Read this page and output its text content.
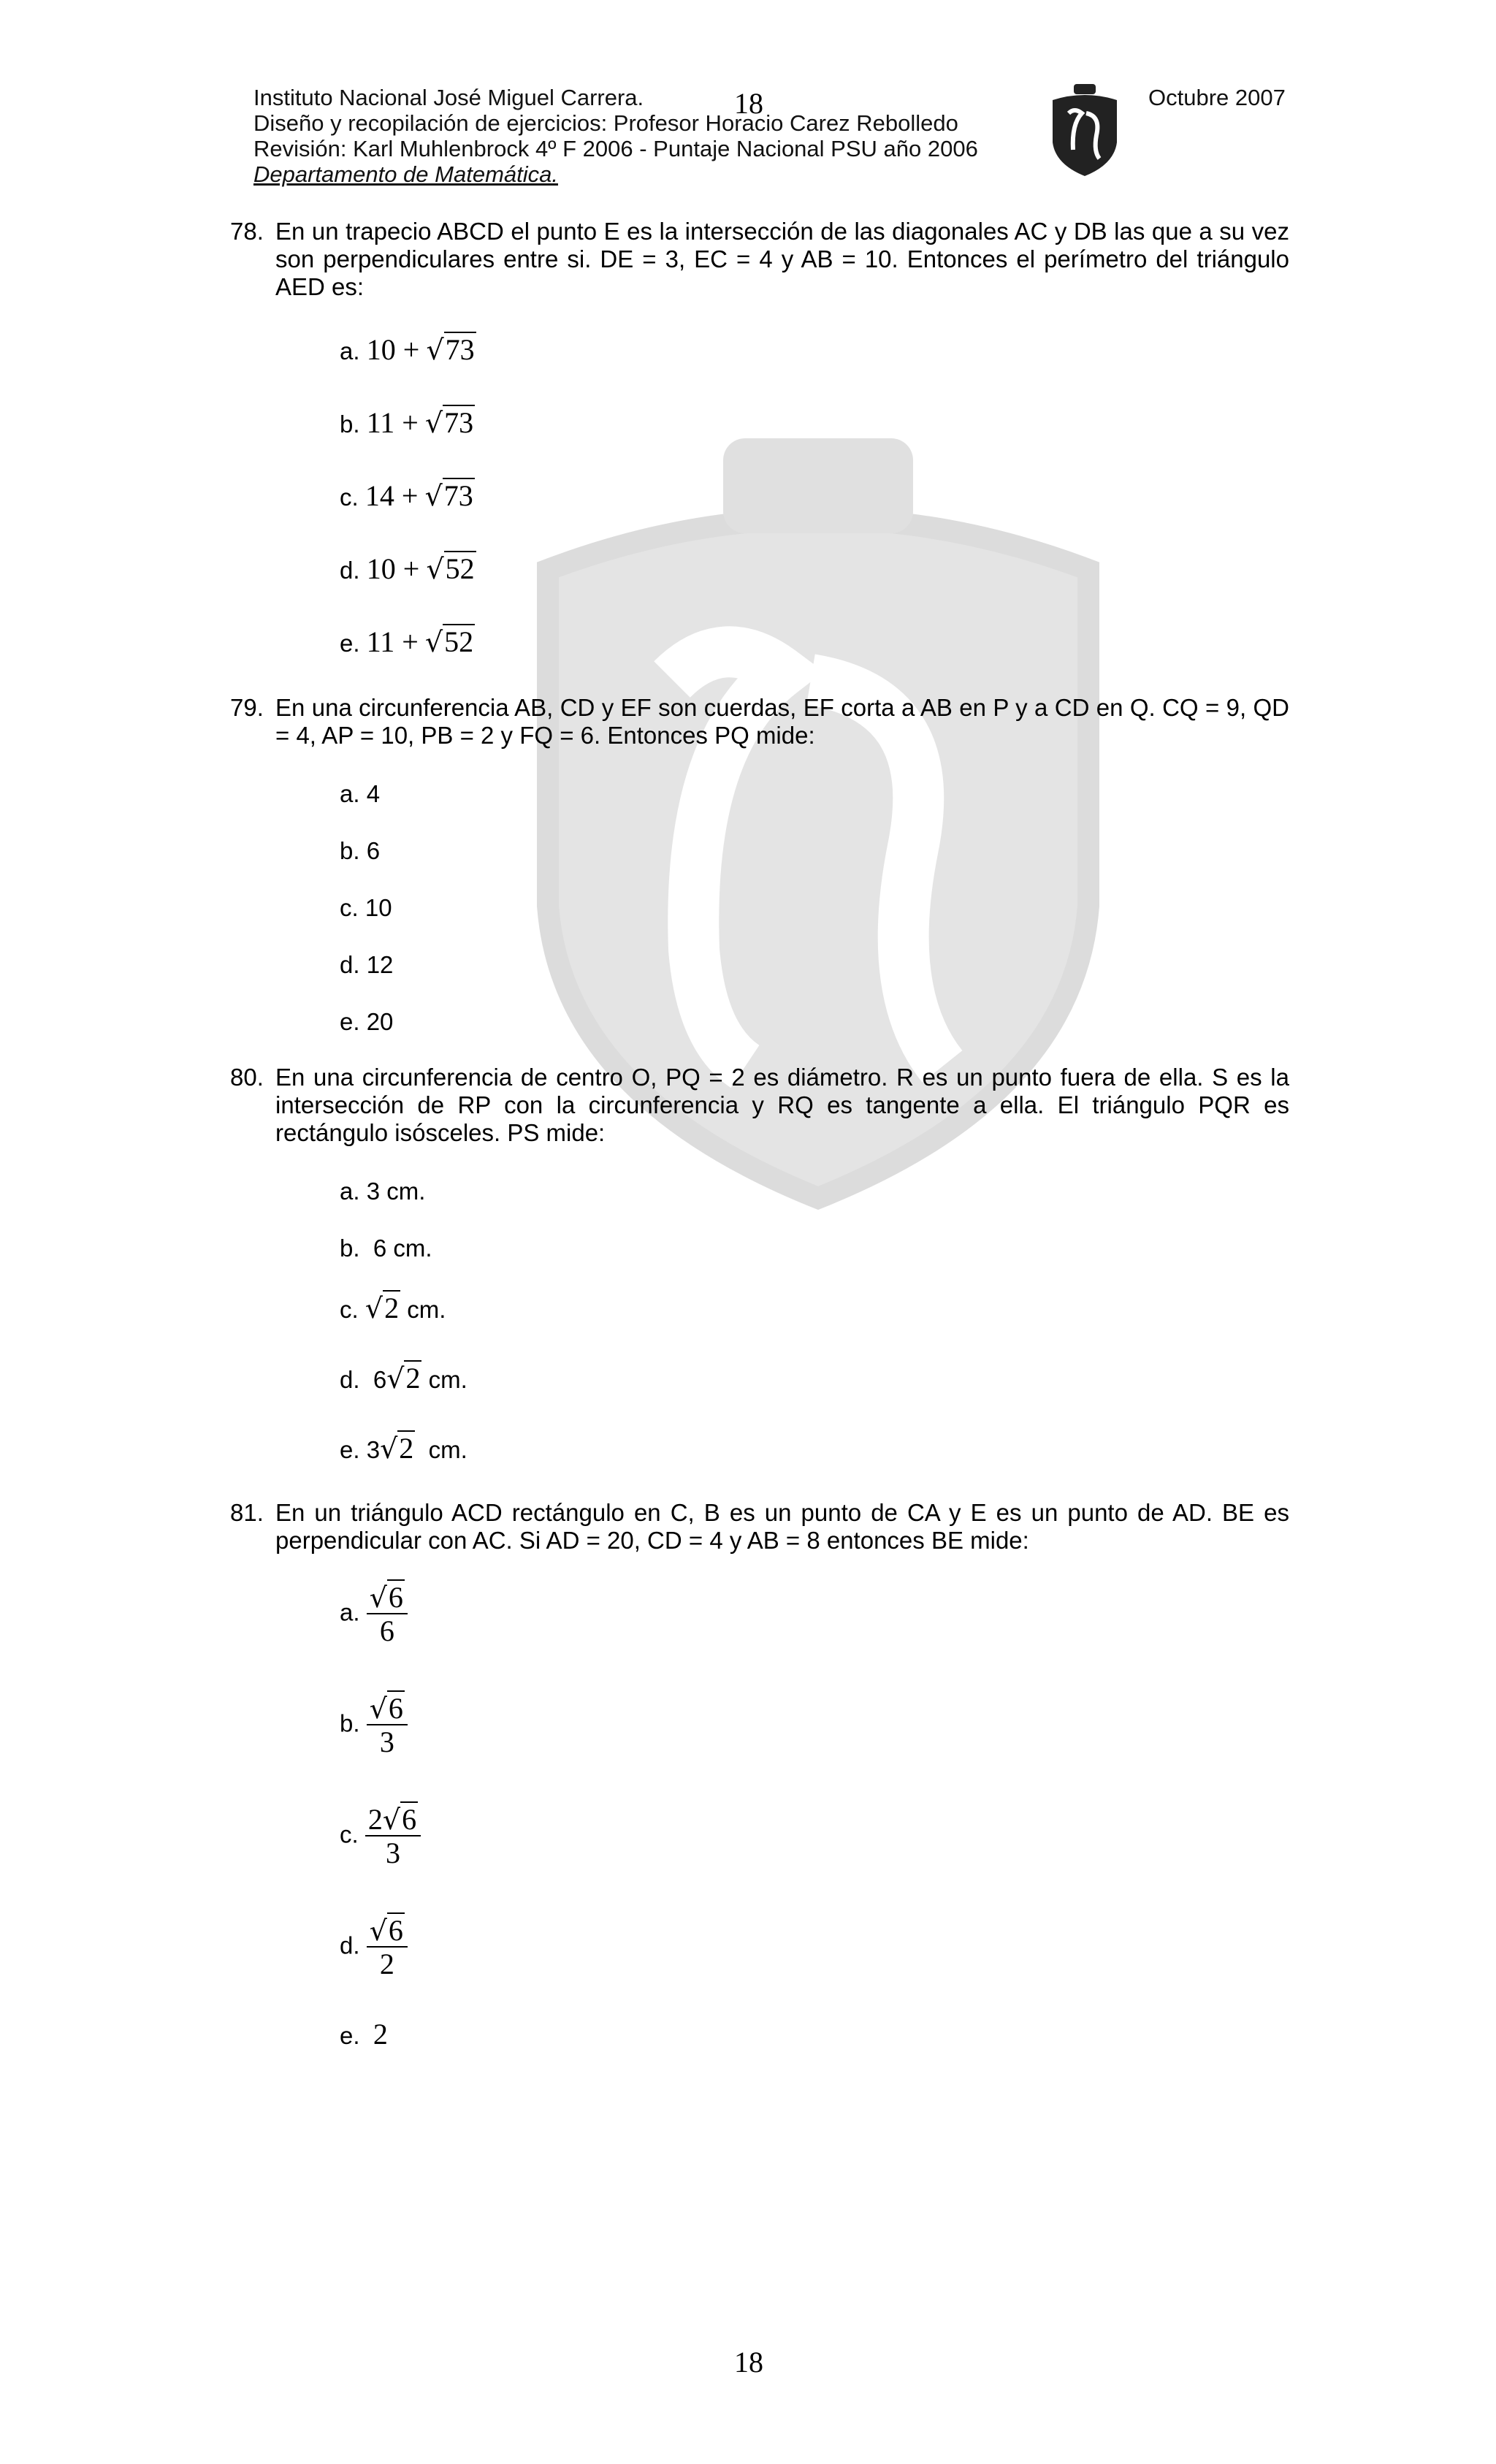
Instituto Nacional José Miguel Carrera.
Diseño y recopilación de ejercicios: Profesor Horacio Carez Rebolledo
Revisión: Karl Muhlenbrock 4º F 2006 - Puntaje Nacional PSU año 2006
Departamento de Matemática.
18	Octubre 2007
78. En un trapecio ABCD el punto E es la intersección de las diagonales AC y DB las que a su vez son perpendiculares entre si. DE = 3, EC = 4 y AB = 10. Entonces el perímetro del triángulo AED es:
a. 10 + √73
b. 11 + √73
c. 14 + √73
d. 10 + √52
e. 11 + √52
79. En una circunferencia AB, CD y EF son cuerdas, EF corta a AB en P y a CD en Q. CQ = 9, QD = 4, AP = 10, PB = 2 y FQ = 6. Entonces PQ mide:
a. 4
b. 6
c. 10
d. 12
e. 20
80. En una circunferencia de centro O, PQ = 2 es diámetro. R es un punto fuera de ella. S es la intersección de RP con la circunferencia y RQ es tangente a ella. El triángulo PQR es rectángulo isósceles. PS mide:
a. 3 cm.
b.  6 cm.
c. √2 cm.
d.  6√2 cm.
e. 3√2  cm.
81. En un triángulo ACD rectángulo en C, B es un punto de CA y E es un punto de AD. BE es perpendicular con AC. Si AD = 20, CD = 4 y AB = 8 entonces BE mide:
a. $\frac{√6}{6}$
b. $\frac{√6}{3}$
c. $\frac{2√6}{3}$
d. $\frac{√6}{2}$
e. 2
18
